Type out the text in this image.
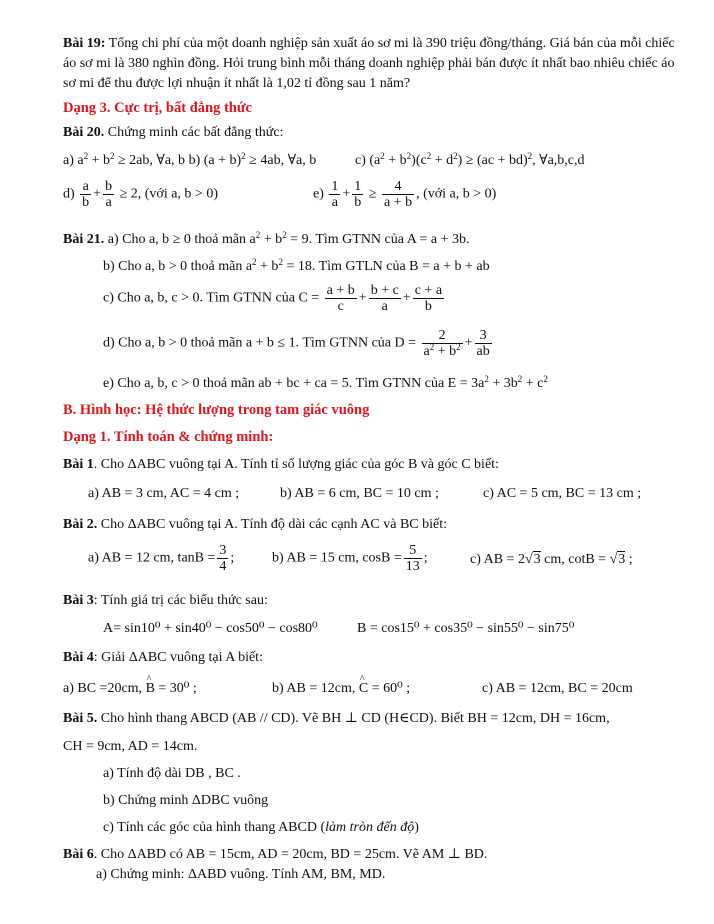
Bài 19: Tổng chi phí của một doanh nghiệp sản xuất áo sơ mi là 390 triệu đồng/tháng. Giá bán của mỗi chiếc
áo sơ mi là 380 nghìn đồng. Hỏi trung bình mỗi tháng doanh nghiệp phải bán được ít nhất bao nhiêu chiếc áo
sơ mi để thu được lợi nhuận ít nhất là 1,02 tỉ đồng sau 1 năm?
Dạng 3. Cực trị, bất đẳng thức
Bài 20. Chứng minh các bất đẳng thức:
a) $a^2 + b^2 \ge 2ab$, ∀a, b b) $(a + b)^2 \ge 4ab$, ∀a, b	c) $(a^2 + b^2)(c^2 + d^2) \ge (ac + bd)^2$, ∀a,b,c,d
$d) \frac{a}{b} + \frac{b}{a} \ge 2$, (với a, b > 0)	$e) \frac{1}{a} + \frac{1}{b} \ge \frac{4}{a + b}$ , (với a, b > 0)
Bài 21. a) Cho a, b ≥ 0 thoả mãn $a^2 + b^2 = 9$. Tìm GTNN của A = a + 3b.
b) Cho a, b > 0 thoả mãn $a^2 + b^2 = 18$. Tìm GTLN của B = a + b + ab
c) Cho a, b, c > 0. Tìm GTNN của $C = \frac{a + b}{c} + \frac{b + c}{a} + \frac{c + a}{b}$
d) Cho a, b > 0 thoả mãn a + b ≤ 1. Tìm GTNN của $D = \frac{2}{a^2 + b^2} + \frac{3}{ab}$
e) Cho a, b, c > 0 thoả mãn ab + bc + ca = 5. Tìm GTNN của $E = 3a^2 + 3b^2 + c^2$
B. Hình học: Hệ thức lượng trong tam giác vuông
Dạng 1. Tính toán & chứng minh:
Bài 1. Cho ΔABC vuông tại A. Tính tỉ số lượng giác của góc B và góc C biết:
a) AB = 3 cm, AC = 4 cm ;	b) AB = 6 cm, BC = 10 cm ;	c) AC = 5 cm, BC = 13 cm ;
Bài 2. Cho ΔABC vuông tại A. Tính độ dài các cạnh AC và BC biết:
a) AB = 12 cm, $\tan B = \frac{3}{4}$ ;	b) AB = 15 cm, $\cos B = \frac{5}{13}$ ;	c) AB = 2√3 cm, cotB = √3 ;
Bài 3: Tính giá trị các biểu thức sau:
A= sin10⁰ + sin40⁰ − cos50⁰ − cos80⁰	B = cos15⁰ + cos35⁰ − sin55⁰ − sin75⁰
Bài 4: Giải ΔABC vuông tại A biết:
a) BC =20cm, ^ B = 30⁰ ;	b) AB = 12cm, ^ C = 60⁰ ;	c) AB = 12cm, BC = 20cm
Bài 5. Cho hình thang ABCD (AB // CD). Vẽ BH ⊥ CD (H∈CD). Biết BH = 12cm, DH = 16cm,
CH = 9cm, AD = 14cm.
a) Tính độ dài DB , BC .
b) Chứng minh ΔDBC vuông
c) Tính các góc của hình thang ABCD (làm tròn đến độ)
Bài 6. Cho ΔABD có AB = 15cm, AD = 20cm, BD = 25cm. Vẽ AM ⊥ BD.
a) Chứng minh: ΔABD vuông. Tính AM, BM, MD.
